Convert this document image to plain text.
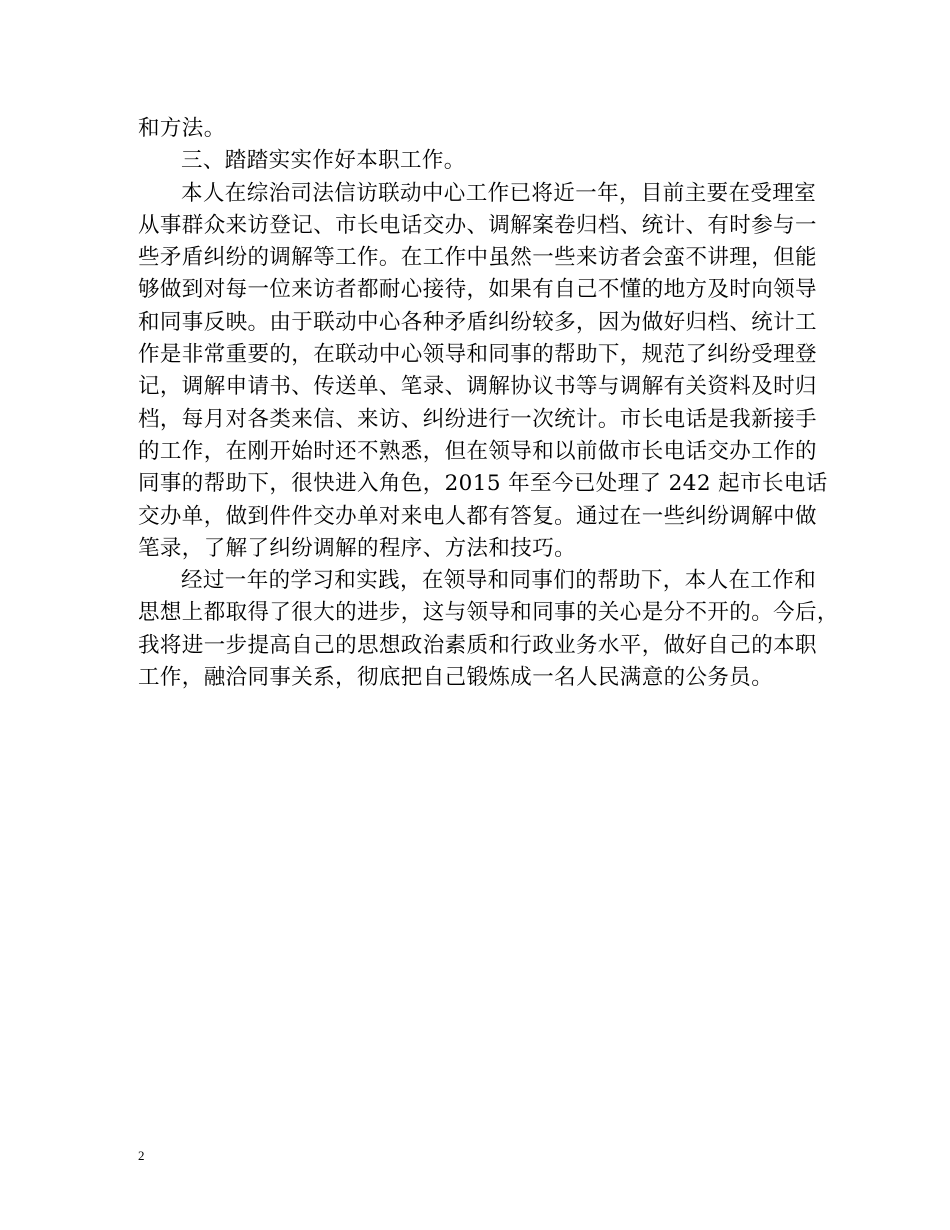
和方法。
三、踏踏实实作好本职工作。
本人在综治司法信访联动中心工作已将近一年，目前主要在受理室
从事群众来访登记、市长电话交办、调解案卷归档、统计、有时参与一
些矛盾纠纷的调解等工作。在工作中虽然一些来访者会蛮不讲理，但能
够做到对每一位来访者都耐心接待，如果有自己不懂的地方及时向领导
和同事反映。由于联动中心各种矛盾纠纷较多，因为做好归档、统计工
作是非常重要的，在联动中心领导和同事的帮助下，规范了纠纷受理登
记，调解申请书、传送单、笔录、调解协议书等与调解有关资料及时归
档，每月对各类来信、来访、纠纷进行一次统计。市长电话是我新接手
的工作，在刚开始时还不熟悉，但在领导和以前做市长电话交办工作的
同事的帮助下，很快进入角色，2015 年至今已处理了 242 起市长电话
交办单，做到件件交办单对来电人都有答复。通过在一些纠纷调解中做
笔录，了解了纠纷调解的程序、方法和技巧。
经过一年的学习和实践，在领导和同事们的帮助下，本人在工作和
思想上都取得了很大的进步，这与领导和同事的关心是分不开的。今后，
我将进一步提高自己的思想政治素质和行政业务水平，做好自己的本职
工作，融洽同事关系，彻底把自己锻炼成一名人民满意的公务员。
2
